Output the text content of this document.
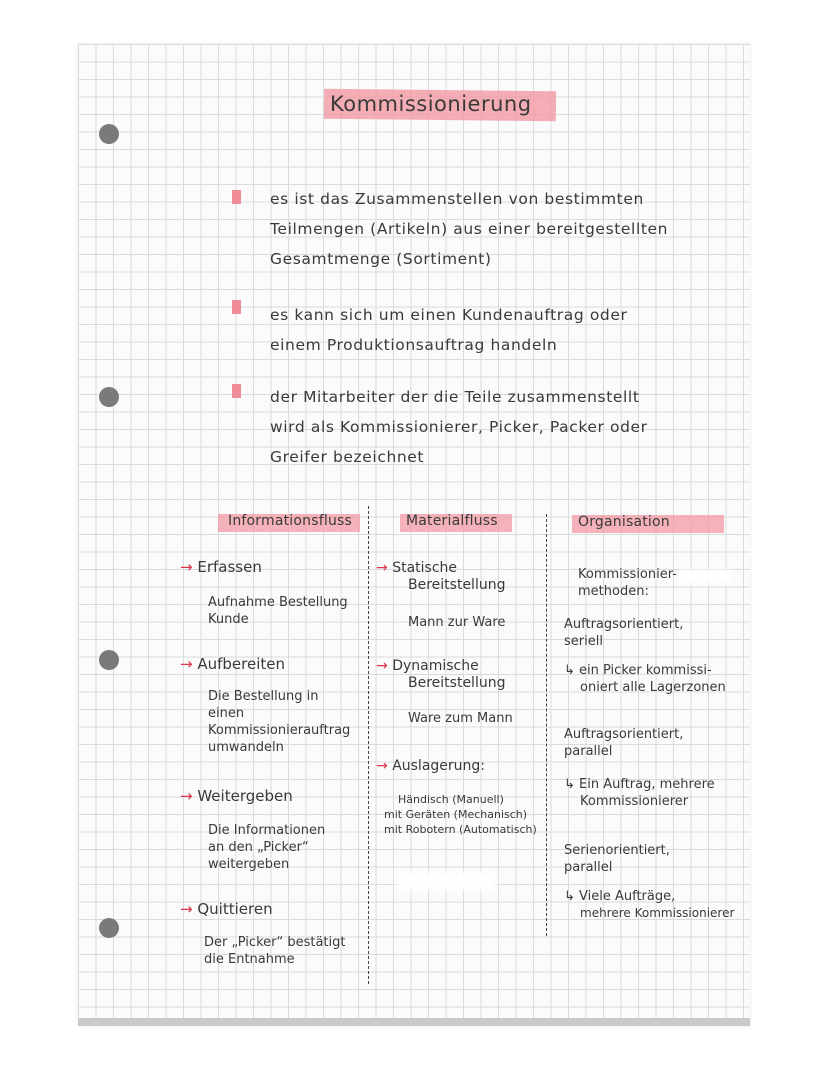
Kommissionierung
es ist das Zusammenstellen von bestimmten
Teilmengen (Artikeln) aus einer bereitgestellten
Gesamtmenge (Sortiment)
es kann sich um einen Kundenauftrag oder
einem Produktionsauftrag handeln
der Mitarbeiter der die Teile zusammenstellt
wird als Kommissionierer, Picker, Packer oder
Greifer bezeichnet
Informationsfluss	Materialfluss	Organisation
→ Erfassen
Aufnahme Bestellung
Kunde
→ Aufbereiten
Die Bestellung in
einen
Kommissionierauftrag
umwandeln
→ Weitergeben
Die Informationen
an den „Picker“
weitergeben
→ Quittieren
Der „Picker“ bestätigt
die Entnahme
→ Statische
Bereitstellung
Mann zur Ware
→ Dynamische
Bereitstellung
Ware zum Mann
→ Auslagerung:
Händisch (Manuell)
mit Geräten (Mechanisch)
mit Robotern (Automatisch)
Kommissionier-
methoden:
Auftragsorientiert,
seriell
↳ ein Picker kommissi-
oniert alle Lagerzonen
Auftragsorientiert,
parallel
↳ Ein Auftrag, mehrere
Kommissionierer
Serienorientiert,
parallel
↳ Viele Aufträge,
mehrere Kommissionierer
